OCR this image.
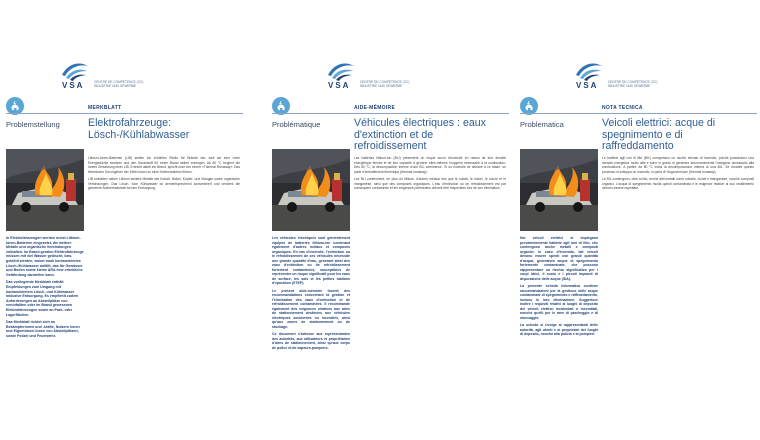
VSA	CENTRE DE COMPÉTENCE (CC)
INDUSTRIE UND GEWERBE
MERKBLATT
Problemstellung	Elektrofahrzeuge: Lösch-/Kühlabwasser

In Elektrofahrzeugen werden meist Lithium-Ionen-Batterien eingesetzt, die weitere Metalle und organische Verbindungen enthalten. Im Brand geraten Elektrofahrzeuge müssen mit viel Wasser gelöscht, bzw. gekühlt werden, wobei stark kontaminiertes Lösch-/Kühlwasser anfällt, das für Gewässer und Boden sowie kleine ARA eine erhebliche Gefährdung darstellen kann.

Das vorliegende Merkblatt enthält Empfehlungen zum Umgang mit kontaminiertem Lösch- und Kühlwasser inklusive Entsorgung. Es empfiehlt zudem Anforderungen an Abstellplätze von verunfallten oder im Brand gewesenen Elektrofahrzeugen sowie an Park- oder Lagerflächen.

Das Merkblatt richtet sich an Bekämpferinnen und -kräfte, Nutzern innen und Eigentümer/-innen von Abstellplätzen, sowie Polizei und Feuerwehr.

Lithium-Ionen-Batterien (LIB) stellen ein erhöhtes Risiko für Brände dar, weil sie eine hohe Energiedichte besitzen und den Sauerstoff für einen Brand selber erzeugen. Ab 80 °C beginnt die innere Zersetzung einer LIB. Erreicht dabei ein Brand, spricht man von einem «Thermal Runaway». Das thermische Durchgehen der Zellen kann zu einer Kettenreaktion führen.

LIB enthalten neben Lithium weitere Metalle wie Kobalt, Nickel, Kupfer- und Mangan sowie organische Verbindungen. Das Lösch- bzw. Kühlwasser ist dementsprechend kontaminiert und verdient die gebotene Aufmerksamkeit bei der Entsorgung.

VSA	CENTRE DE COMPÉTENCE (CC)
INDUSTRIE UND GEWERBE
AIDE-MÉMOIRE
Problématique	Véhicules électriques : eaux d'extinction et de refroidissement

Les véhicules électriques sont généralement équipés de batteries lithium-ion contenant également d'autres métaux et composés organiques. En cas d'incendie, l'extinction ou le refroidissement de ces véhicules nécessite une grande quantité d'eau, générant ainsi des eaux d'extinction ou de refroidissement fortement contaminées, susceptibles de représenter un risque significatif pour les eaux de surface, les sols et les petites stations d'épuration (STEP).

Le présent aide-mémoire fournit des recommandations concernant la gestion et l'élimination des eaux d'extinction et de refroidissement contaminées. Il recommande également des exigences relatives aux aires de stationnement destinées aux véhicules électriques accidentés ou incendiés, ainsi qu'aux zones de stationnement ou de stockage.

Ce document s'adresse aux représentantes des autorités, aux utilisateurs et propriétaires d'aires de stationnement, ainsi qu'aux corps de police et de sapeurs-pompiers.

Les batteries lithium-ion (BLI) présentent un risque accru d'incendie en raison de leur densité énergétique élevée et de leur capacité à générer elles-mêmes l'oxygène nécessaire à la combustion. Dès 80 °C, la décomposition interne d'une BLI commence. Si un incendie se déclare à ce stade, on parle d'emballement thermique (thermal runaway).

Les BLI contiennent, en plus du lithium, d'autres métaux tels que le cobalt, le nickel, le cuivre et le manganèse, ainsi que des composés organiques. L'eau d'extinction ou de refroidissement est par conséquent contaminée et les exigences pertinentes doivent être respectées lors de son élimination.

VSA	CENTRE DE COMPÉTENCE (CC)
INDUSTRIE UND GEWERBE
NOTA TECNICA
Problematica	Veicoli elettrici: acque di spegnimento e di raffreddamento

Nei veicoli elettrici si impiegano prevalentemente batterie agli ioni di litio, che contengono anche metalli e composti organici. In caso d'incendio, tali veicoli devono essere spenti con grandi quantità d'acqua, generando acque di spegnimento fortemente contaminate, che possono rappresentare un rischio significativo per i corpi idrici, il suolo e i piccoli impianti di depurazione delle acque (IDA).

La presente scheda informativa contiene raccomandazioni per la gestione delle acque contaminate di spegnimento e raffreddamento, incluso lo loro eliminazione. Suggerisce inoltre i requisiti relativi ai luoghi di deposito dei veicoli elettrici incidentati o incendiati, nonché quelli per le aree di parcheggio e di stoccaggio.

La scheda si rivolge ai rappresentanti delle autorità, agli utenti e ai proprietari dei luoghi di deposito, nonché alla polizia e ai pompieri.

Le batterie agli ioni di litio (BIL) comportano un rischio elevato di incendio, poiché possiedono una densità energetica molto alta e sono in grado di generare autonomamente l'ossigeno necessario alla combustione. A partire da 80 °C inizia la decomposizione interna di una BIL. Se durante questo processo si sviluppa un incendio, si parla di «fuga termica» (thermal runaway).

Le BIL contengono, oltre al litio, anche altri metalli come cobalto, nichel e manganese, nonché composti organici. L'acqua di spegnimento risulta quindi contaminata e le esigenze relative al suo smaltimento devono essere rispettate.
